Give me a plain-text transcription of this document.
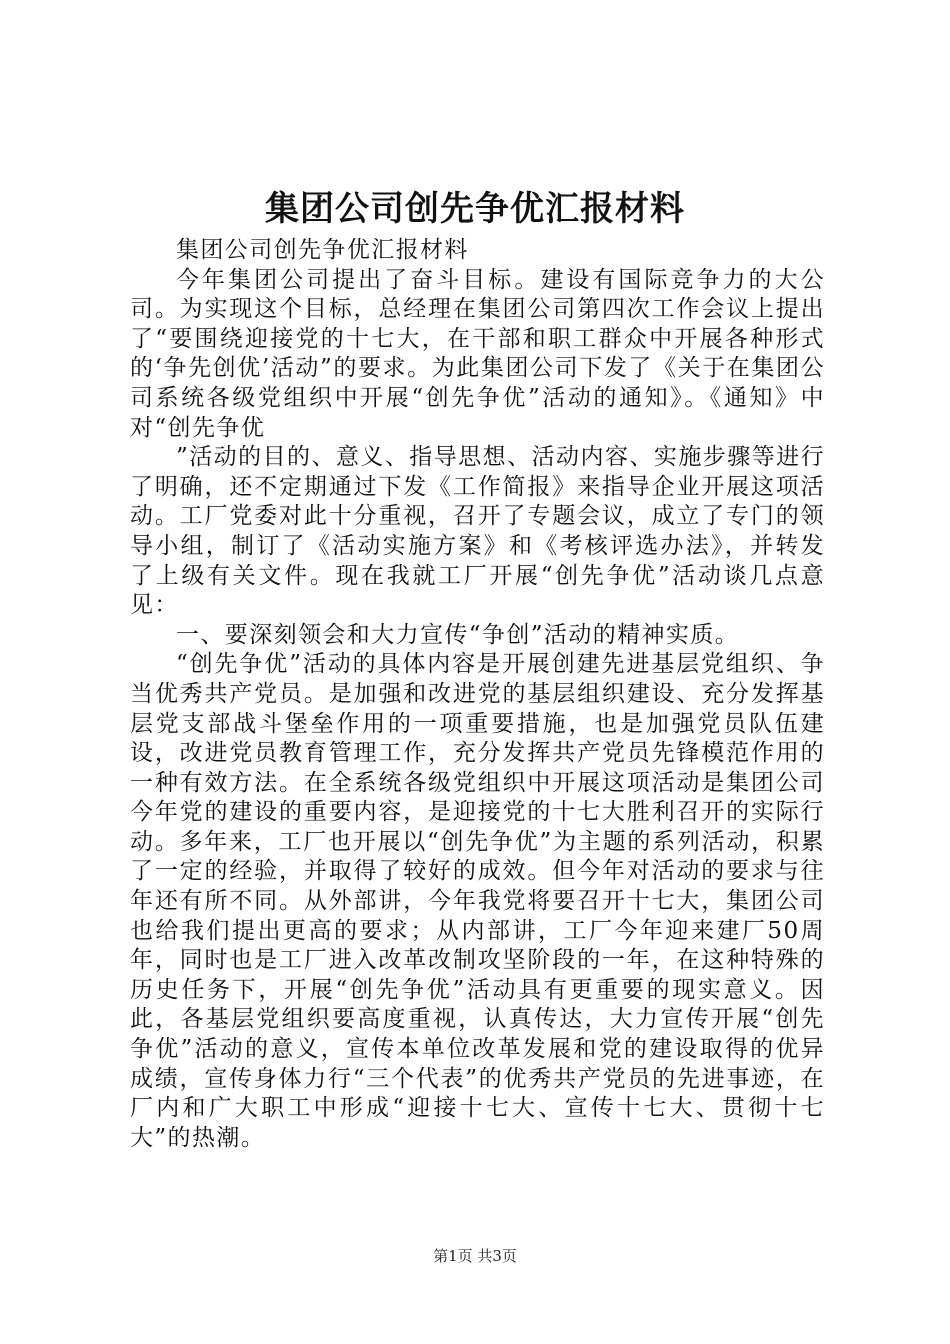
集团公司创先争优汇报材料

集团公司创先争优汇报材料

今年集团公司提出了奋斗目标。建设有国际竞争力的大公司。为实现这个目标，总经理在集团公司第四次工作会议上提出了“要围绕迎接党的十七大，在干部和职工群众中开展各种形式的‘争先创优’活动”的要求。为此集团公司下发了《关于在集团公司系统各级党组织中开展“创先争优”活动的通知》。《通知》中对“创先争优

”活动的目的、意义、指导思想、活动内容、实施步骤等进行了明确，还不定期通过下发《工作简报》来指导企业开展这项活动。工厂党委对此十分重视，召开了专题会议，成立了专门的领导小组，制订了《活动实施方案》和《考核评选办法》，并转发了上级有关文件。现在我就工厂开展“创先争优”活动谈几点意见：

一、要深刻领会和大力宣传“争创”活动的精神实质。

“创先争优”活动的具体内容是开展创建先进基层党组织、争当优秀共产党员。是加强和改进党的基层组织建设、充分发挥基层党支部战斗堡垒作用的一项重要措施，也是加强党员队伍建设，改进党员教育管理工作，充分发挥共产党员先锋模范作用的一种有效方法。在全系统各级党组织中开展这项活动是集团公司今年党的建设的重要内容，是迎接党的十七大胜利召开的实际行动。多年来，工厂也开展以“创先争优”为主题的系列活动，积累了一定的经验，并取得了较好的成效。但今年对活动的要求与往年还有所不同。从外部讲，今年我党将要召开十七大，集团公司也给我们提出更高的要求；从内部讲，工厂今年迎来建厂50周年，同时也是工厂进入改革改制攻坚阶段的一年，在这种特殊的历史任务下，开展“创先争优”活动具有更重要的现实意义。因此，各基层党组织要高度重视，认真传达，大力宣传开展“创先争优”活动的意义，宣传本单位改革发展和党的建设取得的优异成绩，宣传身体力行“三个代表”的优秀共产党员的先进事迹，在厂内和广大职工中形成“迎接十七大、宣传十七大、贯彻十七大”的热潮。

第1页 共3页
